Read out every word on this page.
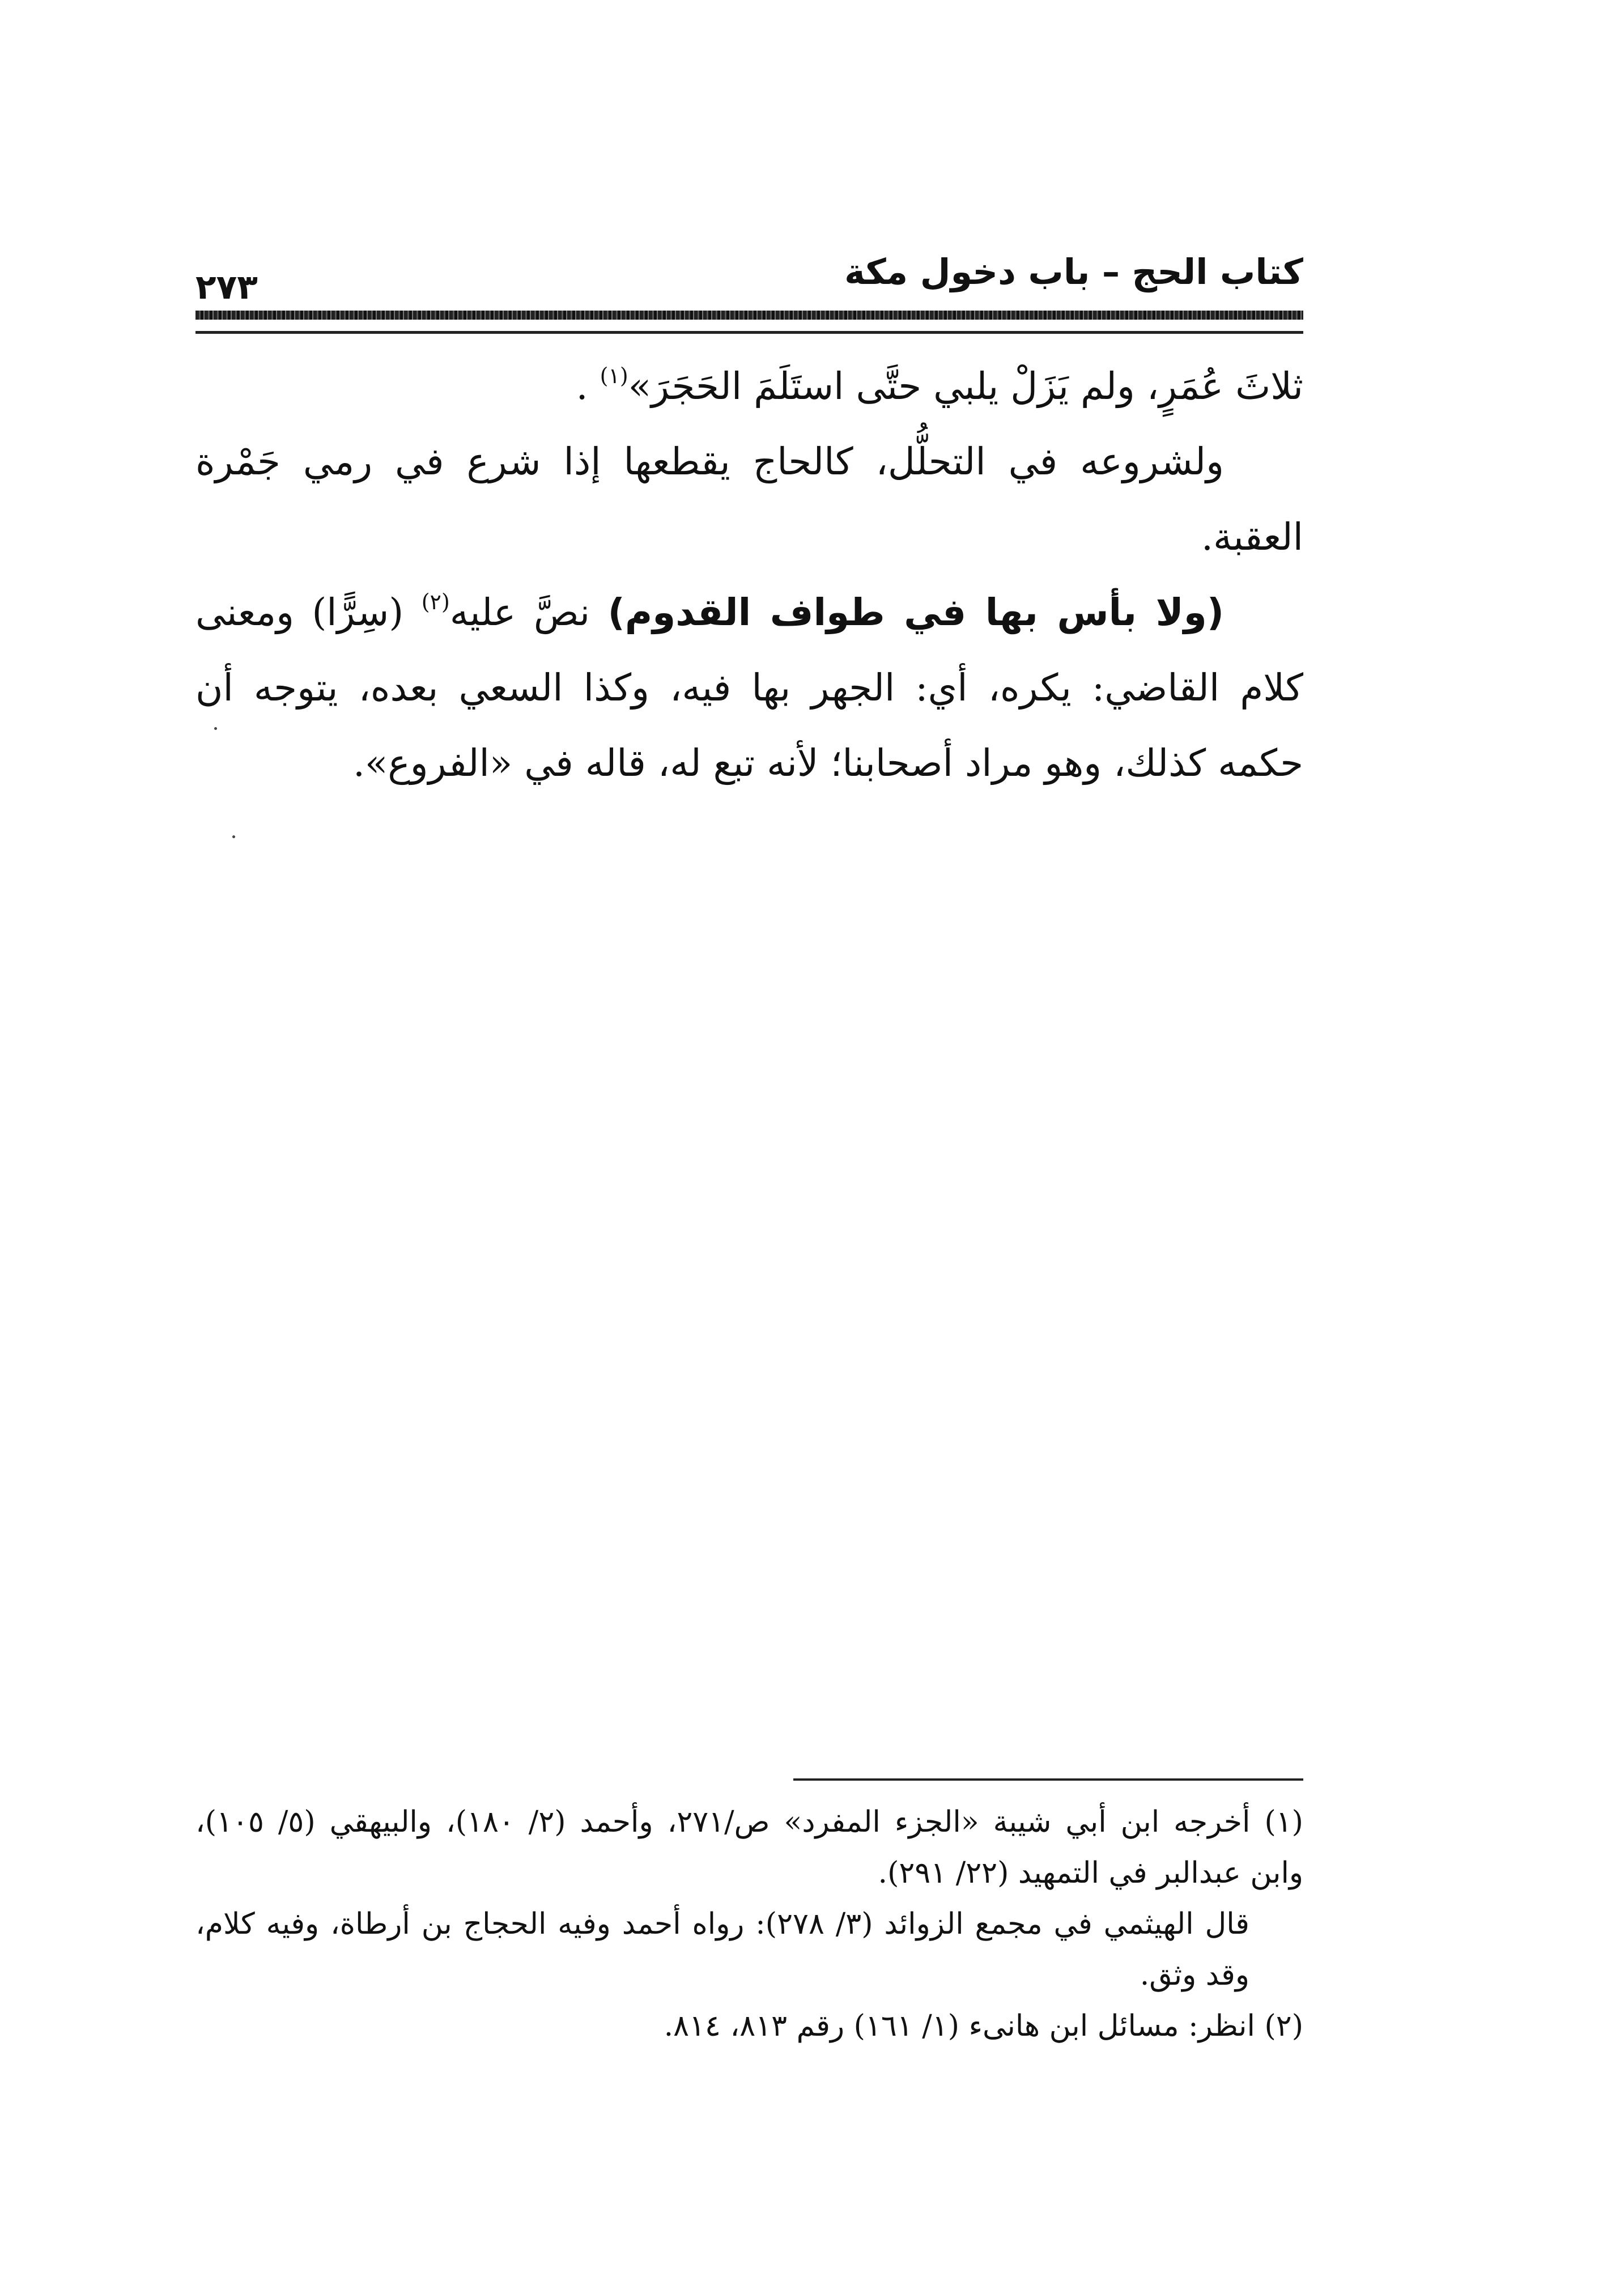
كتاب الحج – باب دخول مكة
٢٧٣

ثلاثَ عُمَرٍ، ولم يَزَلْ يلبي حتَّى استَلَمَ الحَجَرَ»$^{(١)}$ .

ولشروعه في التحلُّل، كالحاج يقطعها إذا شرع في رمي جَمْرة العقبة.

(ولا بأس بها في طواف القدوم) نصَّ عليه$^{(٢)}$ (سِرًّا) ومعنى كلام القاضي: يكره، أي: الجهر بها فيه، وكذا السعي بعده، يتوجه أن حكمه كذلك، وهو مراد أصحابنا؛ لأنه تبع له، قاله في «الفروع».

(١) أخرجه ابن أبي شيبة «الجزء المفرد» ص/٢٧١، وأحمد (٢/ ١٨٠)، والبيهقي (٥/ ١٠٥)، وابن عبدالبر في التمهيد (٢٢/ ٢٩١).

قال الهيثمي في مجمع الزوائد (٣/ ٢٧٨): رواه أحمد وفيه الحجاج بن أرطاة، وفيه كلام، وقد وثق.

(٢) انظر: مسائل ابن هانىء (١/ ١٦١) رقم ٨١٣، ٨١٤.
